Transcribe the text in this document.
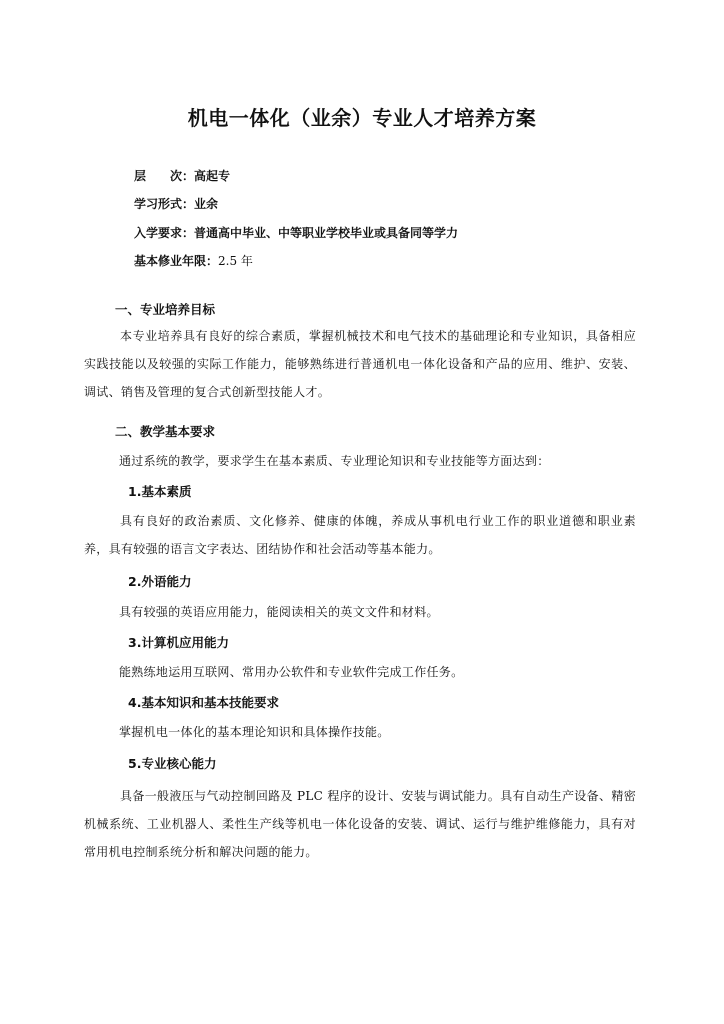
机电一体化（业余）专业人才培养方案
层　　次：高起专
学习形式：业余
入学要求：普通高中毕业、中等职业学校毕业或具备同等学力
基本修业年限：2.5 年
一、专业培养目标

本专业培养具有良好的综合素质，掌握机械技术和电气技术的基础理论和专业知识，具备相应实践技能以及较强的实际工作能力，能够熟练进行普通机电一体化设备和产品的应用、维护、安装、调试、销售及管理的复合式创新型技能人才。

二、教学基本要求

通过系统的教学，要求学生在基本素质、专业理论知识和专业技能等方面达到：

1.基本素质

具有良好的政治素质、文化修养、健康的体魄，养成从事机电行业工作的职业道德和职业素养，具有较强的语言文字表达、团结协作和社会活动等基本能力。

2.外语能力

具有较强的英语应用能力，能阅读相关的英文文件和材料。

3.计算机应用能力

能熟练地运用互联网、常用办公软件和专业软件完成工作任务。

4.基本知识和基本技能要求

掌握机电一体化的基本理论知识和具体操作技能。

5.专业核心能力

具备一般液压与气动控制回路及 PLC 程序的设计、安装与调试能力。具有自动生产设备、精密机械系统、工业机器人、柔性生产线等机电一体化设备的安装、调试、运行与维护维修能力，具有对常用机电控制系统分析和解决问题的能力。
